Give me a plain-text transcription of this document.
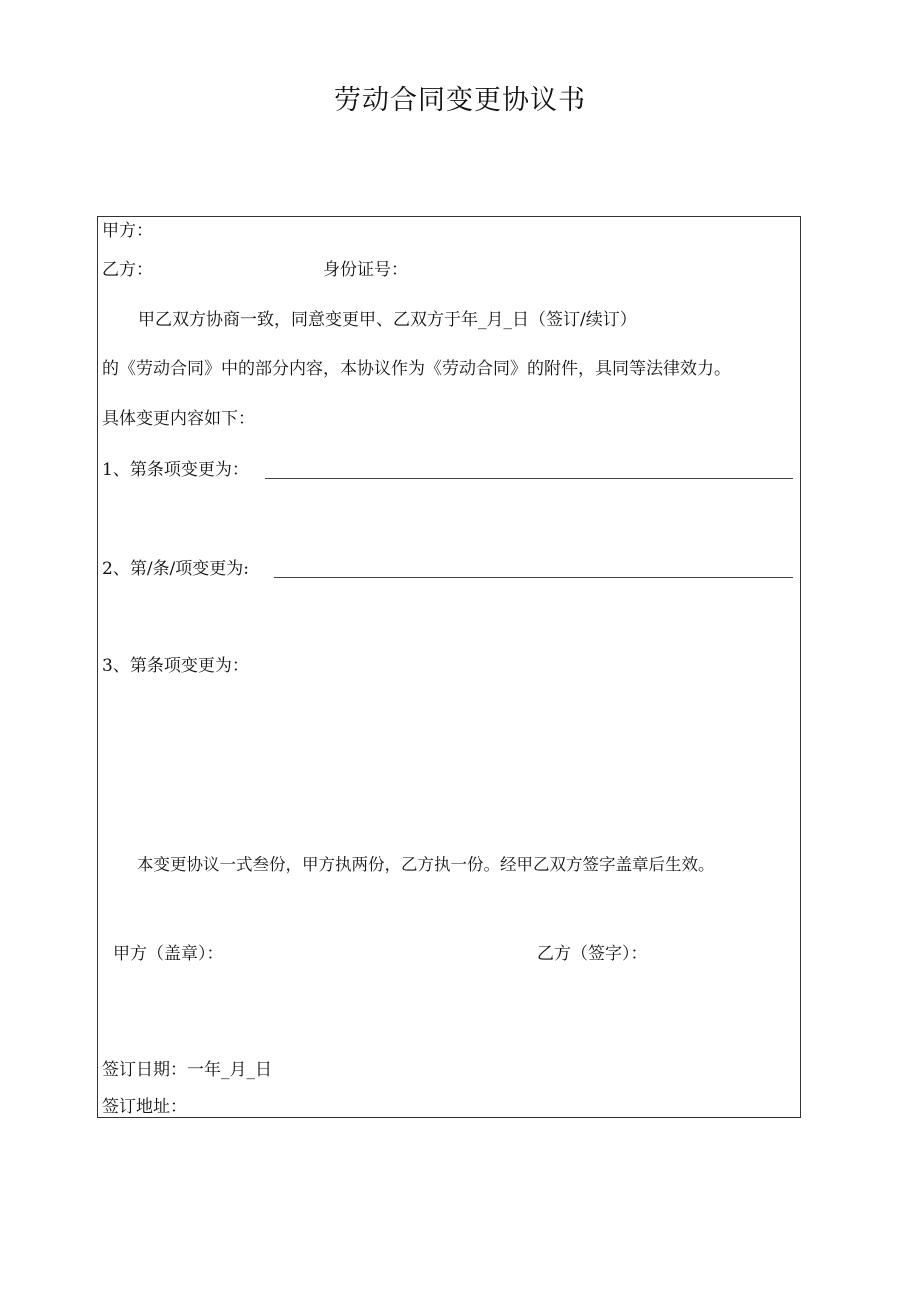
劳动合同变更协议书
甲方：
乙方：	身份证号：
甲乙双方协商一致，同意变更甲、乙双方于年_月_日（签订/续订）
的《劳动合同》中的部分内容，本协议作为《劳动合同》的附件，具同等法律效力。
具体变更内容如下：
1、第条项变更为：
2、第/条/项变更为:
3、第条项变更为：
本变更协议一式叁份，甲方执两份，乙方执一份。经甲乙双方签字盖章后生效。
甲方（盖章）：	乙方（签字）：
签订日期：一年_月_日
签订地址：
